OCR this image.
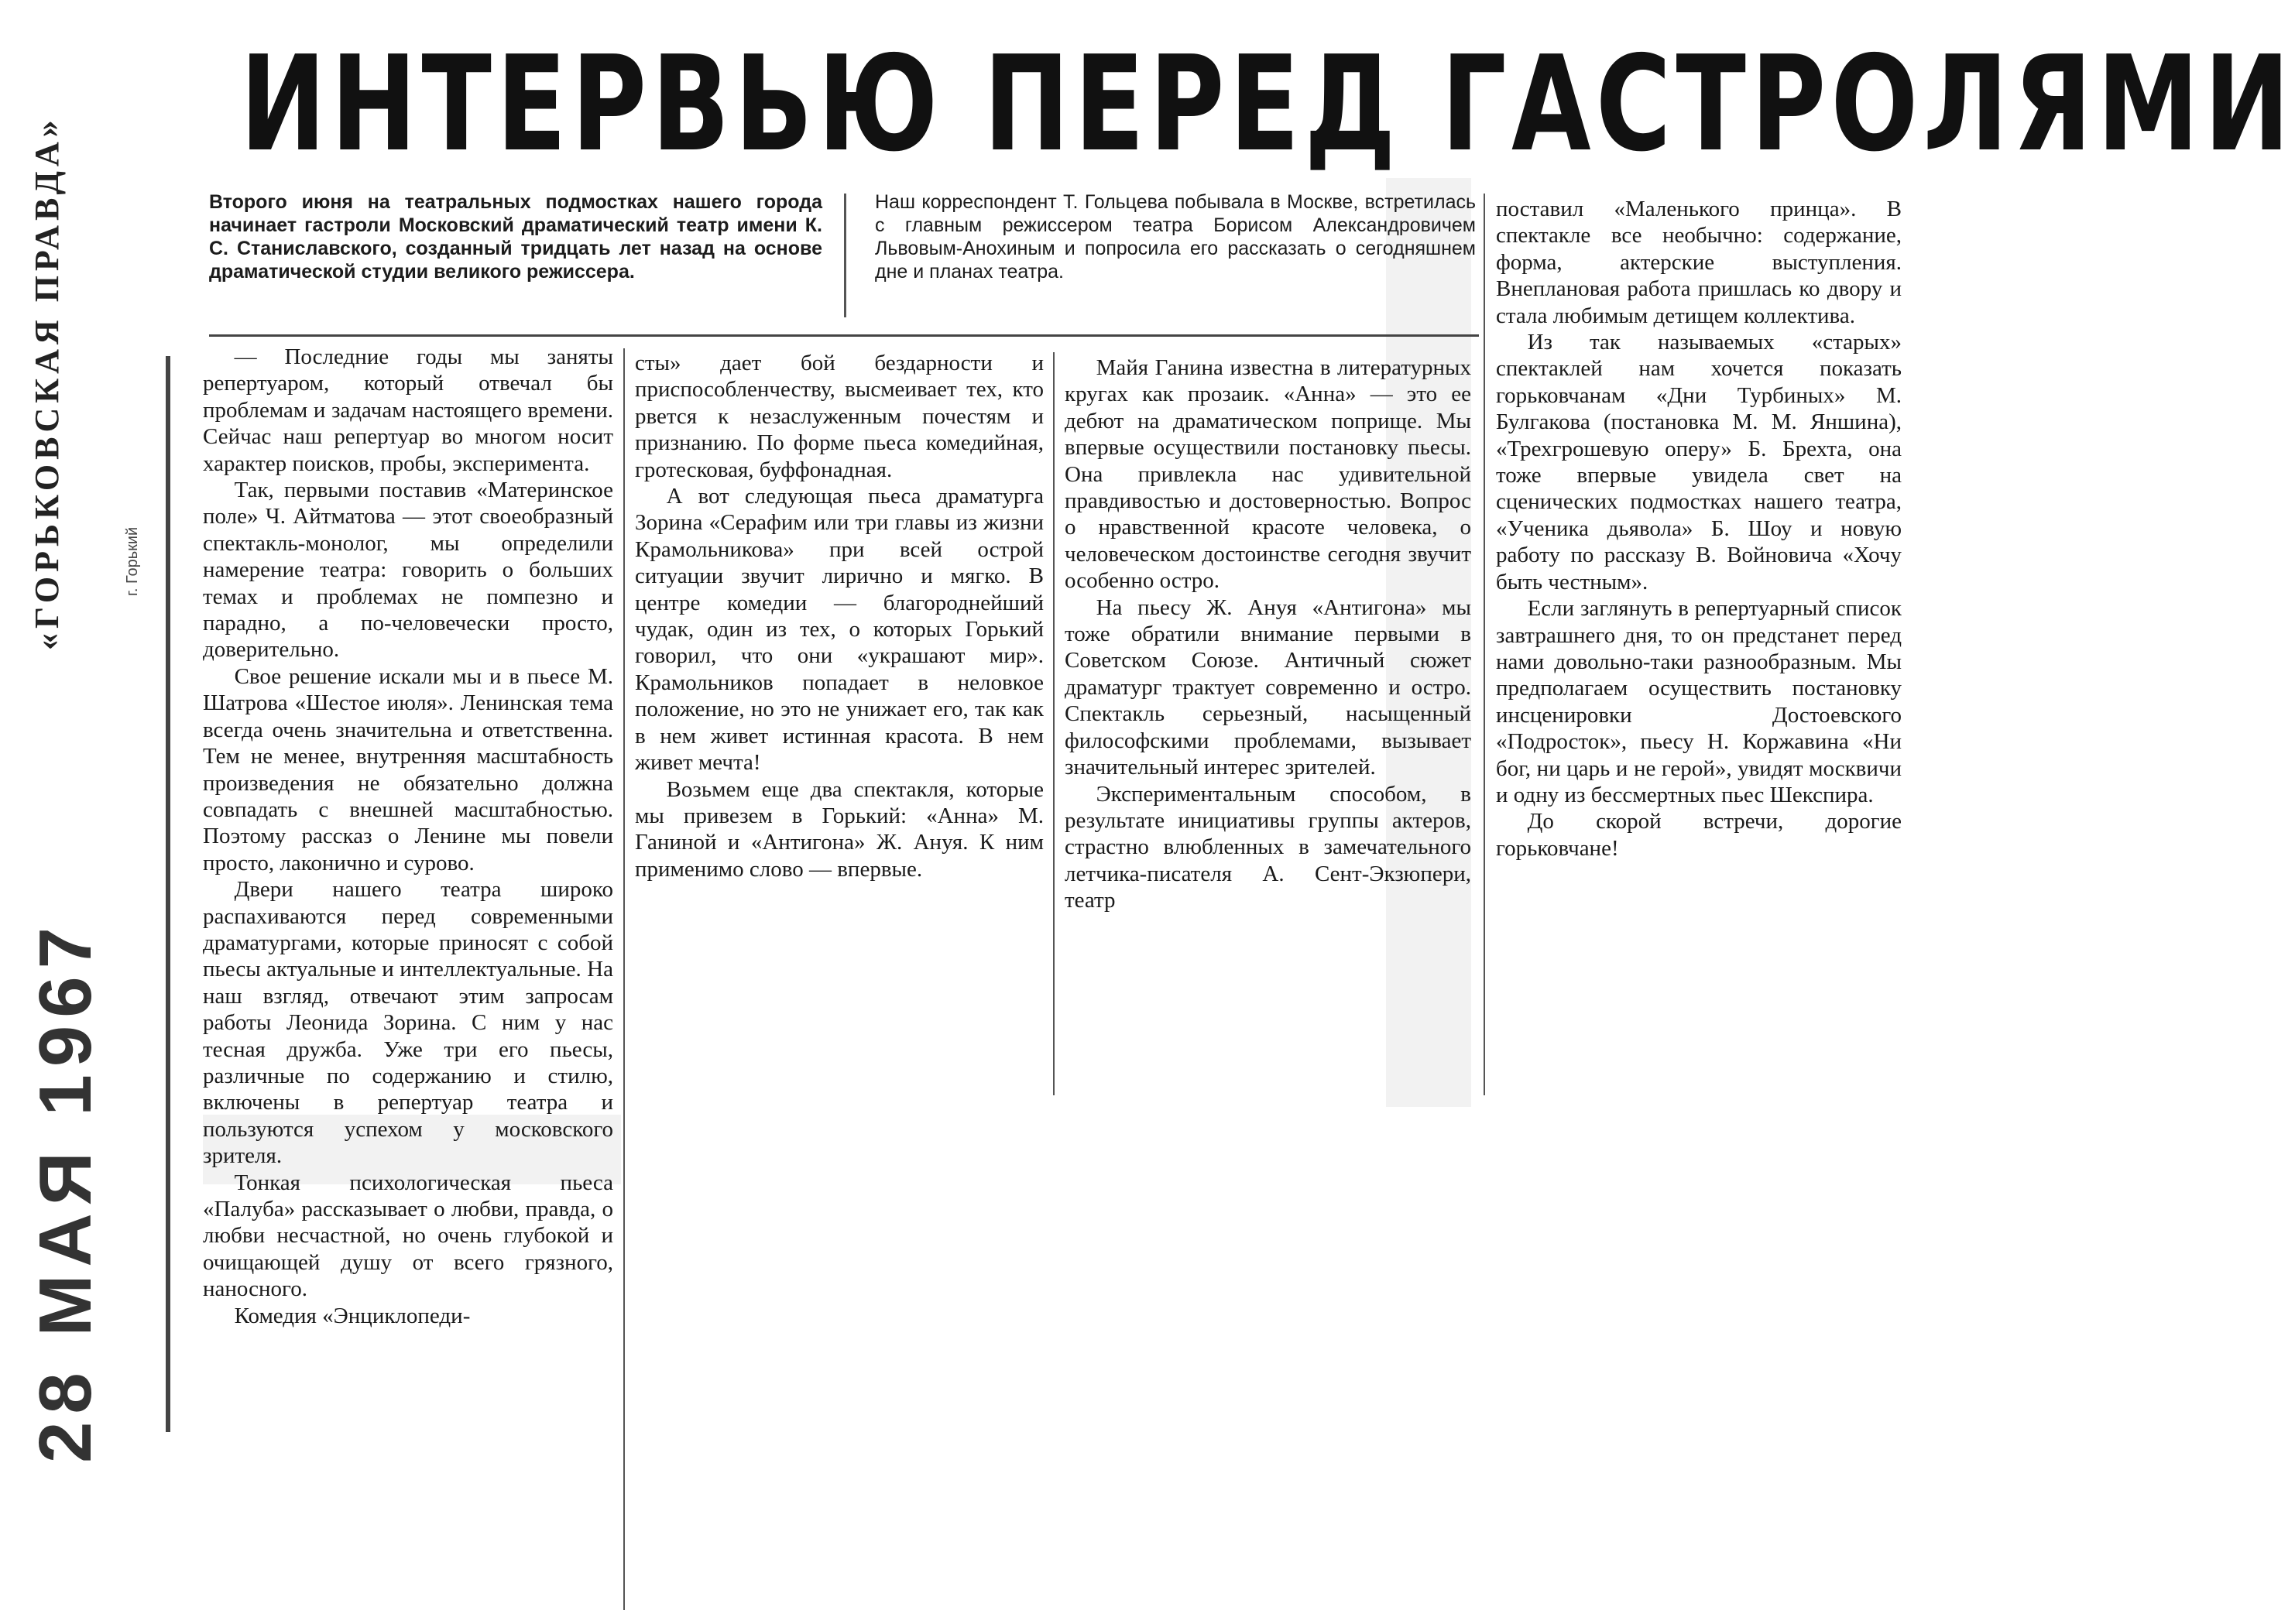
«ГОРЬКОВСКАЯ ПРАВДА»	г. Горький
28 МАЯ 1967
ИНТЕРВЬЮ ПЕРЕД ГАСТРОЛЯМИ
Второго июня на театральных подмостках нашего города начинает гастроли Московский драматический театр имени К. С. Станиславского, созданный тридцать лет назад на основе драматической студии великого режиссера.
Наш корреспондент Т. Гольцева побывала в Москве, встретилась с главным режиссером театра Борисом Александровичем Львовым-Анохиным и попросила его рассказать о сегодняшнем дне и планах театра.

— Последние годы мы заняты репертуаром, который отвечал бы проблемам и задачам настоящего времени. Сейчас наш репертуар во многом носит характер поисков, пробы, эксперимента.

Так, первыми поставив «Материнское поле» Ч. Айтматова — этот своеобразный спектакль-монолог, мы определили намерение театра: говорить о больших темах и проблемах не помпезно и парадно, а по-человечески просто, доверительно.

Свое решение искали мы и в пьесе М. Шатрова «Шестое июля». Ленинская тема всегда очень значительна и ответственна. Тем не менее, внутренняя масштабность произведения не обязательно должна совпадать с внешней масштабностью. Поэтому рассказ о Ленине мы повели просто, лаконично и сурово.

Двери нашего театра широко распахиваются перед современными драматургами, которые приносят с собой пьесы актуальные и интеллектуальные. На наш взгляд, отвечают этим запросам работы Леонида Зорина. С ним у нас тесная дружба. Уже три его пьесы, различные по содержанию и стилю, включены в репертуар театра и пользуются успехом у московского зрителя.

Тонкая психологическая пьеса «Палуба» рассказывает о любви, правда, о любви несчастной, но очень глубокой и очищающей душу от всего грязного, наносного.

Комедия «Энциклопеди-

сты» дает бой бездарности и приспособленчеству, высмеивает тех, кто рвется к незаслуженным почестям и признанию. По форме пьеса комедийная, гротесковая, буффонадная.

А вот следующая пьеса драматурга Зорина «Серафим или три главы из жизни Крамольникова» при всей острой ситуации звучит лирично и мягко. В центре комедии — благороднейший чудак, один из тех, о которых Горький говорил, что они «украшают мир». Крамольников попадает в неловкое положение, но это не унижает его, так как в нем живет истинная красота. В нем живет мечта!

Возьмем еще два спектакля, которые мы привезем в Горький: «Анна» М. Ганиной и «Антигона» Ж. Ануя. К ним применимо слово — впервые.

Майя Ганина известна в литературных кругах как прозаик. «Анна» — это ее дебют на драматическом поприще. Мы впервые осуществили постановку пьесы. Она привлекла нас удивительной правдивостью и достоверностью. Вопрос о нравственной красоте человека, о человеческом достоинстве сегодня звучит особенно остро.

На пьесу Ж. Ануя «Антигона» мы тоже обратили внимание первыми в Советском Союзе. Античный сюжет драматург трактует современно и остро. Спектакль серьезный, насыщенный философскими проблемами, вызывает значительный интерес зрителей.

Экспериментальным способом, в результате инициативы группы актеров, страстно влюбленных в замечательного летчика-писателя А. Сент-Экзюпери, театр

поставил «Маленького принца». В спектакле все необычно: содержание, форма, актерские выступления. Внеплановая работа пришлась ко двору и стала любимым детищем коллектива.

Из так называемых «старых» спектаклей нам хочется показать горьковчанам «Дни Турбиных» М. Булгакова (постановка М. М. Яншина), «Трехгрошевую оперу» Б. Брехта, она тоже впервые увидела свет на сценических подмостках нашего театра, «Ученика дьявола» Б. Шоу и новую работу по рассказу В. Войновича «Хочу быть честным».

Если заглянуть в репертуарный список завтрашнего дня, то он предстанет перед нами довольно-таки разнообразным. Мы предполагаем осуществить постановку инсценировки Достоевского «Подросток», пьесу Н. Коржавина «Ни бог, ни царь и не герой», увидят москвичи и одну из бессмертных пьес Шекспира.

До скорой встречи, дорогие горьковчане!
